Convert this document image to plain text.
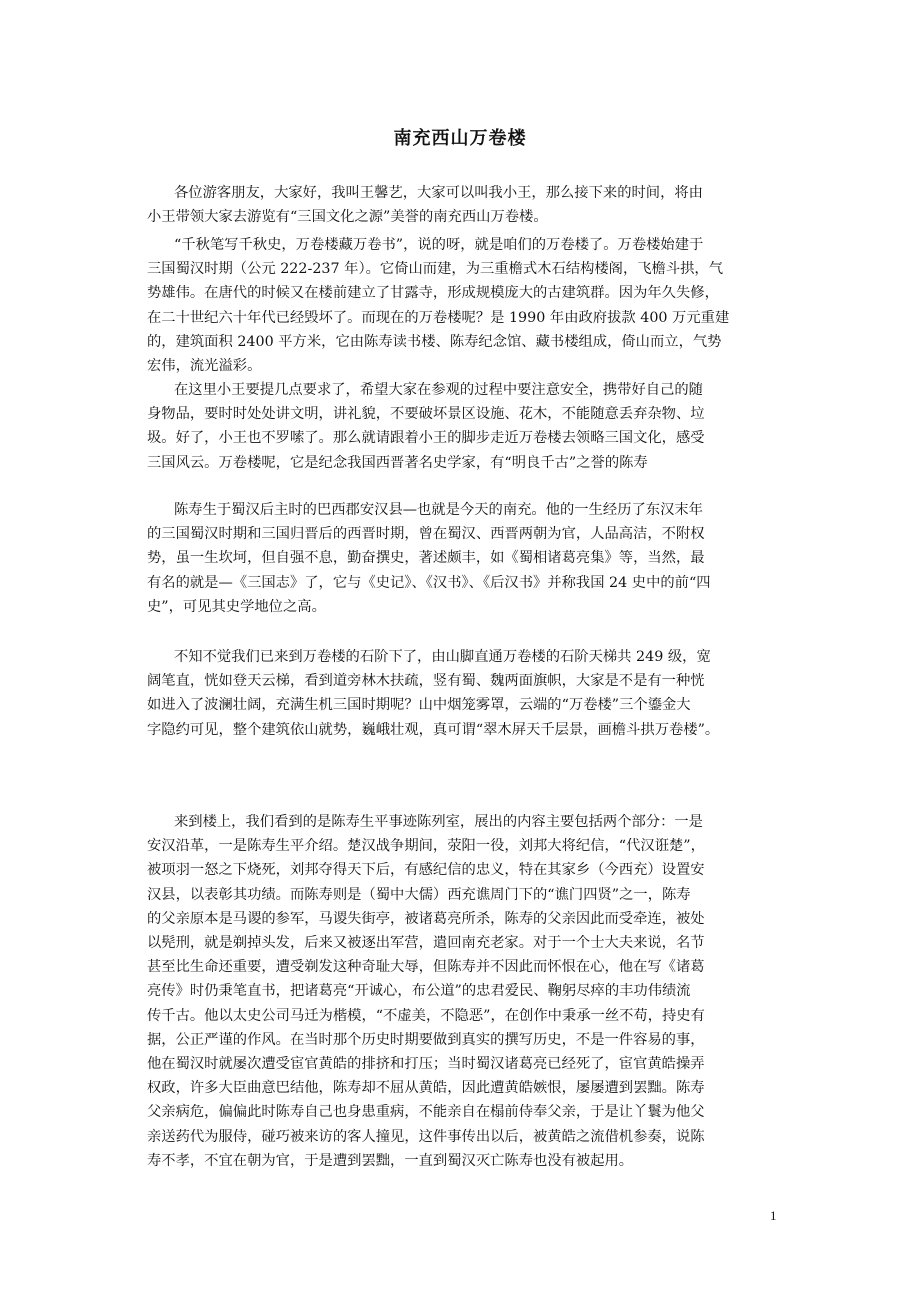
南充西山万卷楼
各位游客朋友，大家好，我叫王馨艺，大家可以叫我小王，那么接下来的时间，将由
小王带领大家去游览有“三国文化之源”美誉的南充西山万卷楼。
“千秋笔写千秋史，万卷楼藏万卷书”，说的呀，就是咱们的万卷楼了。万卷楼始建于
三国蜀汉时期（公元 222-237 年）。它倚山而建，为三重檐式木石结构楼阁，飞檐斗拱，气
势雄伟。在唐代的时候又在楼前建立了甘露寺，形成规模庞大的古建筑群。因为年久失修，
在二十世纪六十年代已经毁坏了。而现在的万卷楼呢？是 1990 年由政府拔款 400 万元重建
的，建筑面积 2400 平方米，它由陈寿读书楼、陈寿纪念馆、藏书楼组成，倚山而立，气势
宏伟，流光溢彩。
在这里小王要提几点要求了，希望大家在参观的过程中要注意安全，携带好自己的随
身物品，要时时处处讲文明，讲礼貌，不要破坏景区设施、花木，不能随意丢弃杂物、垃
圾。好了，小王也不罗嗦了。那么就请跟着小王的脚步走近万卷楼去领略三国文化，感受
三国风云。万卷楼呢，它是纪念我国西晋著名史学家，有“明良千古”之誉的陈寿
陈寿生于蜀汉后主时的巴西郡安汉县—也就是今天的南充。他的一生经历了东汉末年
的三国蜀汉时期和三国归晋后的西晋时期，曾在蜀汉、西晋两朝为官，人品高洁，不附权
势，虽一生坎坷，但自强不息，勤奋撰史，著述颇丰，如《蜀相诸葛亮集》等，当然，最
有名的就是—《三国志》了，它与《史记》、《汉书》、《后汉书》并称我国 24 史中的前“四
史”，可见其史学地位之高。
不知不觉我们已来到万卷楼的石阶下了，由山脚直通万卷楼的石阶天梯共 249 级，宽
阔笔直，恍如登天云梯，看到道旁林木扶疏，竖有蜀、魏两面旗帜，大家是不是有一种恍
如进入了波澜壮阔，充满生机三国时期呢？山中烟笼雾罩，云端的“万卷楼”三个鎏金大
字隐约可见，整个建筑依山就势，巍峨壮观，真可谓“翠木屏天千层景，画檐斗拱万卷楼”。
来到楼上，我们看到的是陈寿生平事迹陈列室，展出的内容主要包括两个部分：一是
安汉沿革，一是陈寿生平介绍。楚汉战争期间，荥阳一役，刘邦大将纪信，“代汉诳楚”，
被项羽一怒之下烧死，刘邦夺得天下后，有感纪信的忠义，特在其家乡（今西充）设置安
汉县，以表彰其功绩。而陈寿则是（蜀中大儒）西充谯周门下的“谯门四贤”之一，陈寿
的父亲原本是马谡的参军，马谡失街亭，被诸葛亮所杀，陈寿的父亲因此而受牵连，被处
以髡刑，就是剃掉头发，后来又被逐出军营，遣回南充老家。对于一个士大夫来说，名节
甚至比生命还重要，遭受剃发这种奇耻大辱，但陈寿并不因此而怀恨在心，他在写《诸葛
亮传》时仍秉笔直书，把诸葛亮“开诚心，布公道”的忠君爱民、鞠躬尽瘁的丰功伟绩流
传千古。他以太史公司马迁为楷模，“不虚美，不隐恶”，在创作中秉承一丝不苟，持史有
据，公正严谨的作风。在当时那个历史时期要做到真实的撰写历史，不是一件容易的事，
他在蜀汉时就屡次遭受宦官黄皓的排挤和打压；当时蜀汉诸葛亮已经死了，宦官黄皓操弄
权政，许多大臣曲意巴结他，陈寿却不屈从黄皓，因此遭黄皓嫉恨，屡屡遭到罢黜。陈寿
父亲病危，偏偏此时陈寿自己也身患重病，不能亲自在榻前侍奉父亲，于是让丫鬟为他父
亲送药代为服侍，碰巧被来访的客人撞见，这件事传出以后，被黄皓之流借机参奏，说陈
寿不孝，不宜在朝为官，于是遭到罢黜，一直到蜀汉灭亡陈寿也没有被起用。
1
